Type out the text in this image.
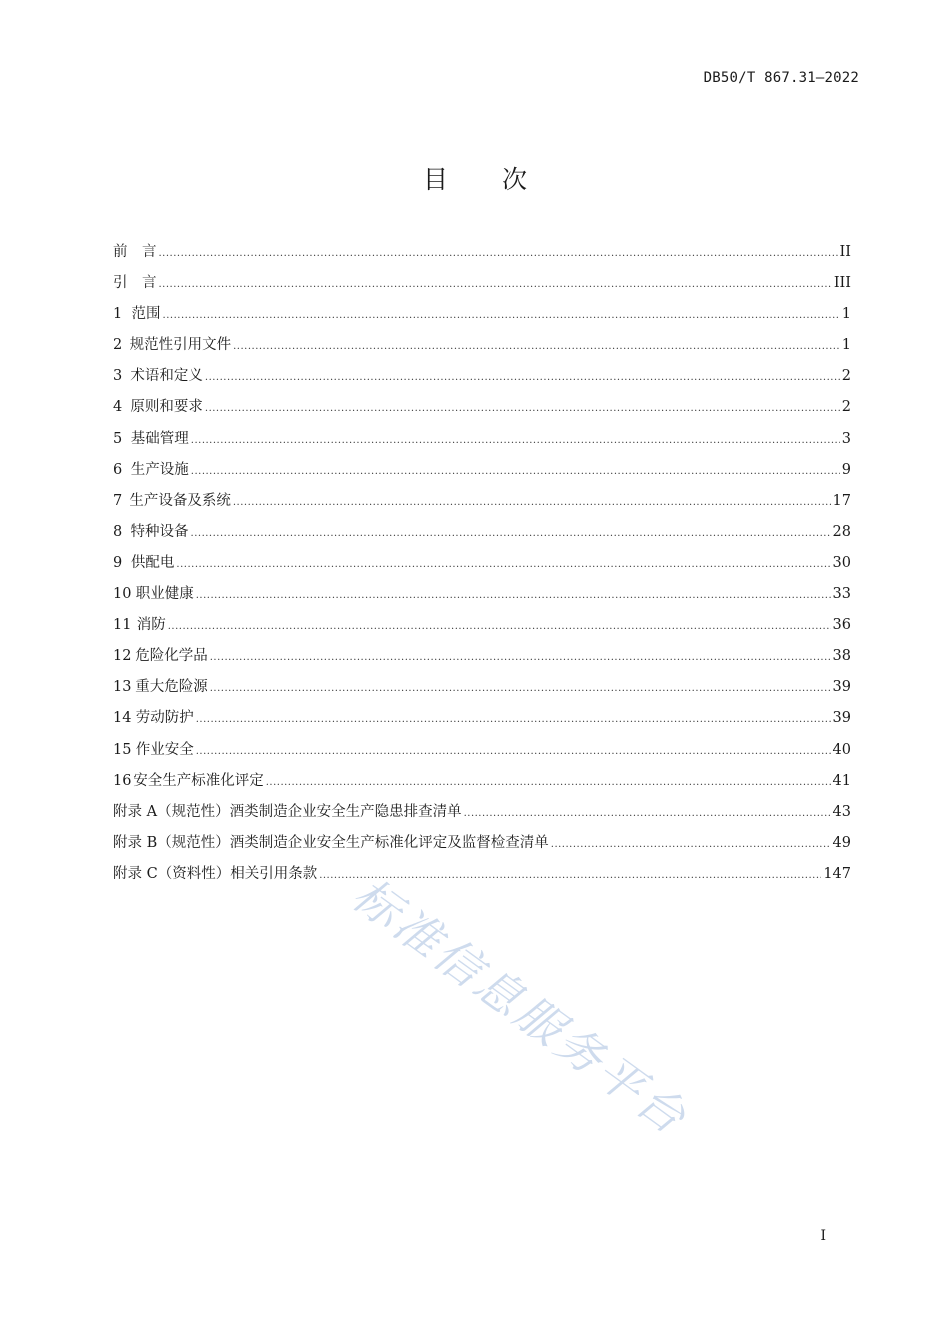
DB50/T 867.31—2022
目 次
前　言 .....	II
引　言 .....	III
1 范围 .....	1
2 规范性引用文件 .....	1
3 术语和定义 .....	2
4 原则和要求 .....	2
5 基础管理 .....	3
6 生产设施 .....	9
7 生产设备及系统 .....	17
8 特种设备 .....	28
9 供配电 .....	30
10 职业健康 .....	33
11 消防 .....	36
12 危险化学品 .....	38
13 重大危险源 .....	39
14 劳动防护 .....	39
15 作业安全 .....	40
16 安全生产标准化评定 .....	41
附录 A（规范性）酒类制造企业安全生产隐患排查清单 .....	43
附录 B（规范性）酒类制造企业安全生产标准化评定及监督检查清单 .....	49
附录 C（资料性）相关引用条款 .....	147
标准信息服务平台
I
